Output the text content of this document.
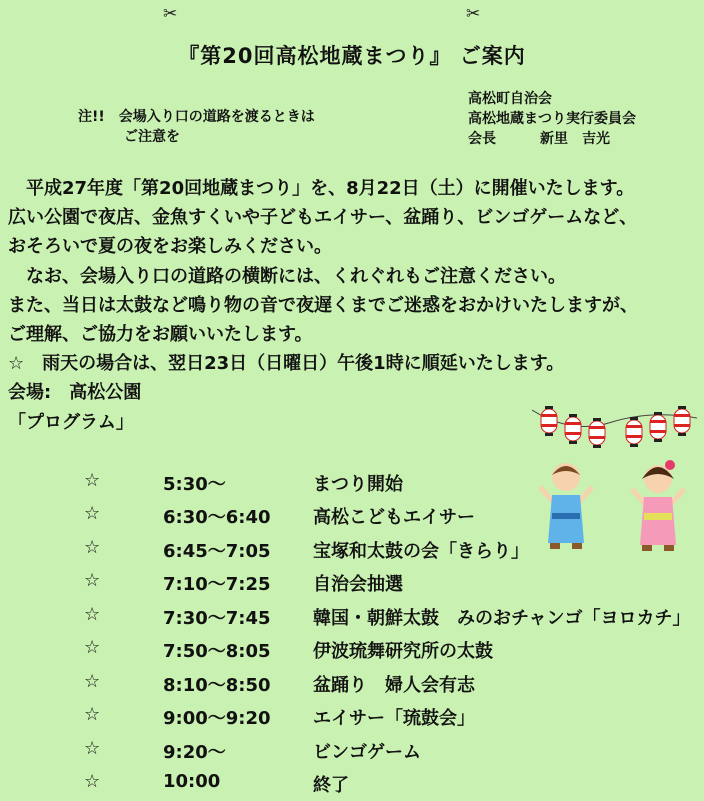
✂	✂
『第20回高松地蔵まつり』 ご案内
注!!　会場入り口の道路を渡るときは
ご注意を
高松町自治会
高松地蔵まつり実行委員会
会長	新里　吉光
平成27年度「第20回地蔵まつり」を、8月22日（土）に開催いたします。
広い公園で夜店、金魚すくいや子どもエイサー、盆踊り、ビンゴゲームなど、
おそろいで夏の夜をお楽しみください。
なお、会場入り口の道路の横断には、くれぐれもご注意ください。
また、当日は太鼓など鳴り物の音で夜遅くまでご迷惑をおかけいたしますが、
ご理解、ご協力をお願いいたします。
☆　雨天の場合は、翌日23日（日曜日）午後1時に順延いたします。
会場:　高松公園
「プログラム」
☆	5:30〜	まつり開始
☆	6:30〜6:40 高松こどもエイサー
☆	6:45〜7:05 宝塚和太鼓の会「きらり」
☆	7:10〜7:25 自治会抽選
☆	7:30〜7:45 韓国・朝鮮太鼓　みのおチャンゴ「ヨロカチ」
☆	7:50〜8:05 伊波琉舞研究所の太鼓
☆	8:10〜8:50 盆踊り　婦人会有志
☆	9:00〜9:20 エイサー「琉鼓会」
☆	9:20〜	ビンゴゲーム
☆	10:00	終了
